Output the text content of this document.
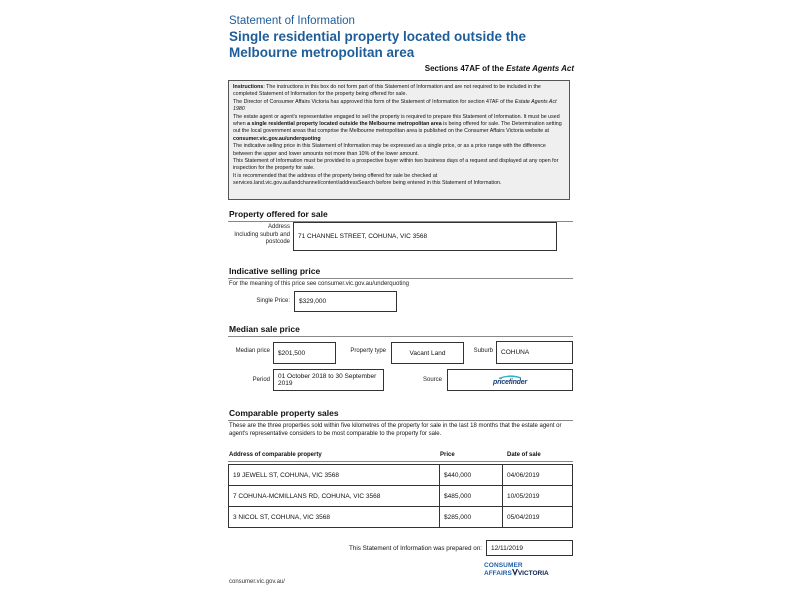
Statement of Information
Single residential property located outside the Melbourne metropolitan area
Sections 47AF of the Estate Agents Act

Instructions: The instructions in this box do not form part of this Statement of Information and are not required to be included in the completed Statement of Information for the property being offered for sale.

The Director of Consumer Affairs Victoria has approved this form of the Statement of Information for section 47AF of the Estate Agents Act 1980

The estate agent or agent's representative engaged to sell the property is required to prepare this Statement of Information. It must be used when a single residential property located outside the Melbourne metropolitan area is being offered for sale. The Determination setting out the local government areas that comprise the Melbourne metropolitan area is published on the Consumer Affairs Victoria website at consumer.vic.gov.au/underquoting

The indicative selling price in this Statement of Information may be expressed as a single price, or as a price range with the difference between the upper and lower amounts not more than 10% of the lower amount.

This Statement of Information must be provided to a prospective buyer within two business days of a request and displayed at any open for inspection for the property for sale.

It is recommended that the address of the property being offered for sale be checked at services.land.vic.gov.au/landchannel/content/addressSearch before being entered in this Statement of Information.

Property offered for sale
Address
Including suburb and
postcode
71 CHANNEL STREET, COHUNA, VIC 3568
Indicative selling price
For the meaning of this price see consumer.vic.gov.au/underquoting
Single Price:	$329,000
Median sale price
Median price	$201,500	Property type	Vacant Land	Suburb	COHUNA
Period
01 October 2018 to 30 September 2019	Source	pricefinder
Comparable property sales
These are the three properties sold within five kilometres of the property for sale in the last 18 months that the estate agent or agent's representative considers to be most comparable to the property for sale.
Address of comparable property	Price	Date of sale
19 JEWELL ST, COHUNA, VIC 3568	$440,000	04/06/2019
7 COHUNA-MCMILLANS RD, COHUNA, VIC 3568	$485,000	10/05/2019
3 NICOL ST, COHUNA, VIC 3568	$285,000	05/04/2019
This Statement of Information was prepared on:	12/11/2019
consumer.vic.gov.au/
CONSUMER
AFFAIRS VICTORIA
